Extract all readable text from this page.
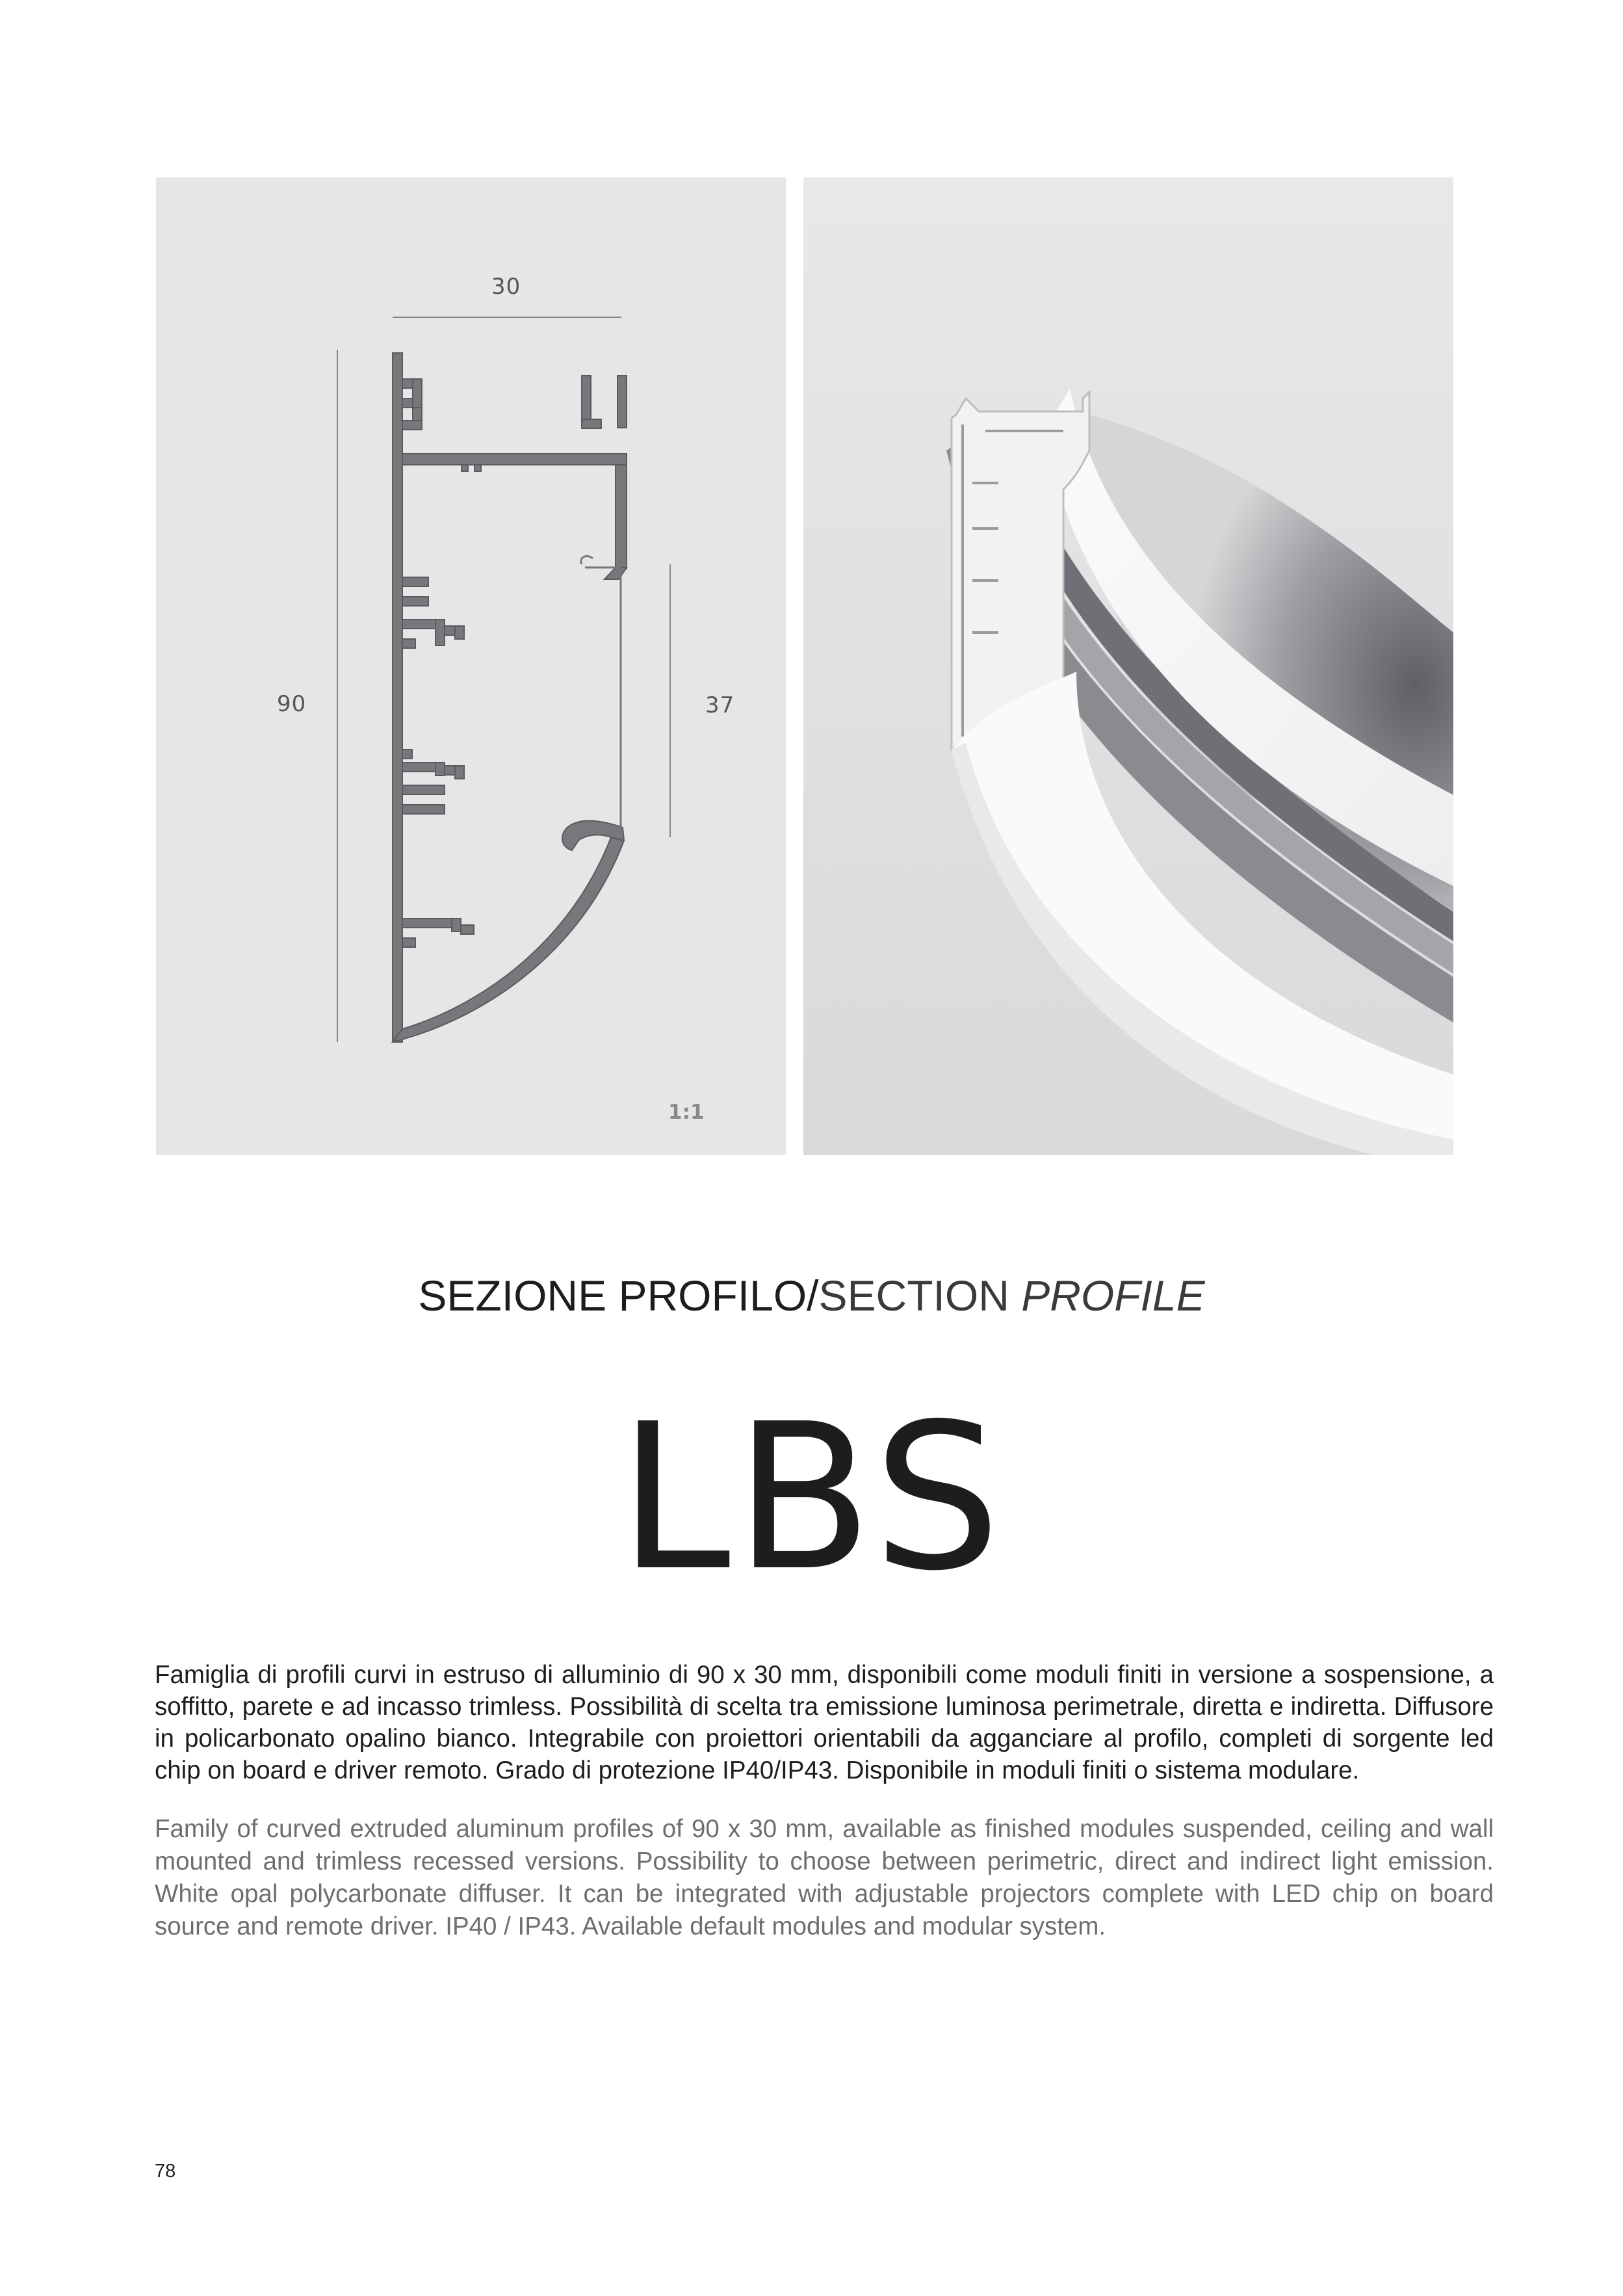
30
90	37
1:1
SEZIONE PROFILO/SECTION PROFILE
LBS
Famiglia di profili curvi in estruso di alluminio di 90 x 30 mm, disponibili come moduli finiti in versione a sospensione, a soffitto, parete e ad incasso trimless. Possibilità di scelta tra emissione luminosa perimetrale, diretta e indiretta. Diffusore in policarbonato opalino bianco. Integrabile con proiettori orientabili da agganciare al profilo, completi di sorgente led chip on board e driver remoto. Grado di protezione IP40/IP43. Disponibile in moduli finiti o sistema modulare.
Family of curved extruded aluminum profiles of 90 x 30 mm, available as finished modules suspended, ceiling and wall mounted and trimless recessed versions. Possibility to choose between perimetric, direct and indirect light emission. White opal polycarbonate diffuser. It can be integrated with adjustable projectors complete with LED chip on board source and remote driver. IP40 / IP43. Available default modules and modular system.
78
